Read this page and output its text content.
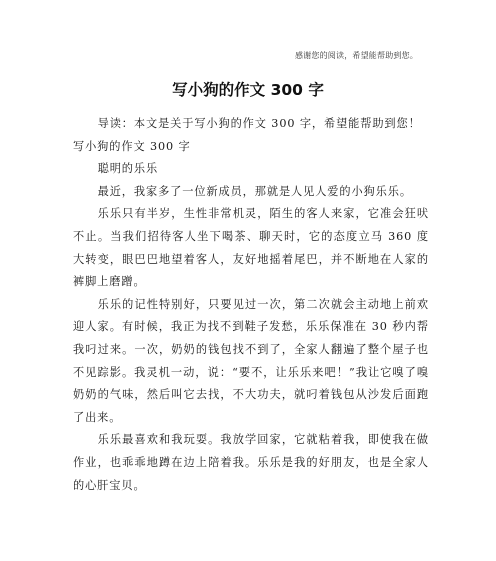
感谢您的阅读，希望能帮助到您。
写小狗的作文 300 字

导读：本文是关于写小狗的作文 300 字，希望能帮助到您！

写小狗的作文 300 字

聪明的乐乐

最近，我家多了一位新成员，那就是人见人爱的小狗乐乐。

乐乐只有半岁，生性非常机灵，陌生的客人来家，它准会狂吠不止。当我们招待客人坐下喝茶、聊天时，它的态度立马 360 度大转变，眼巴巴地望着客人，友好地摇着尾巴，并不断地在人家的裤脚上磨蹭。

乐乐的记性特别好，只要见过一次，第二次就会主动地上前欢迎人家。有时候，我正为找不到鞋子发愁，乐乐保准在 30 秒内帮我叼过来。一次，奶奶的钱包找不到了，全家人翻遍了整个屋子也不见踪影。我灵机一动，说：“要不，让乐乐来吧！”我让它嗅了嗅奶奶的气味，然后叫它去找，不大功夫，就叼着钱包从沙发后面跑了出来。

乐乐最喜欢和我玩耍。我放学回家，它就粘着我，即使我在做作业，也乖乖地蹲在边上陪着我。乐乐是我的好朋友，也是全家人的心肝宝贝。
